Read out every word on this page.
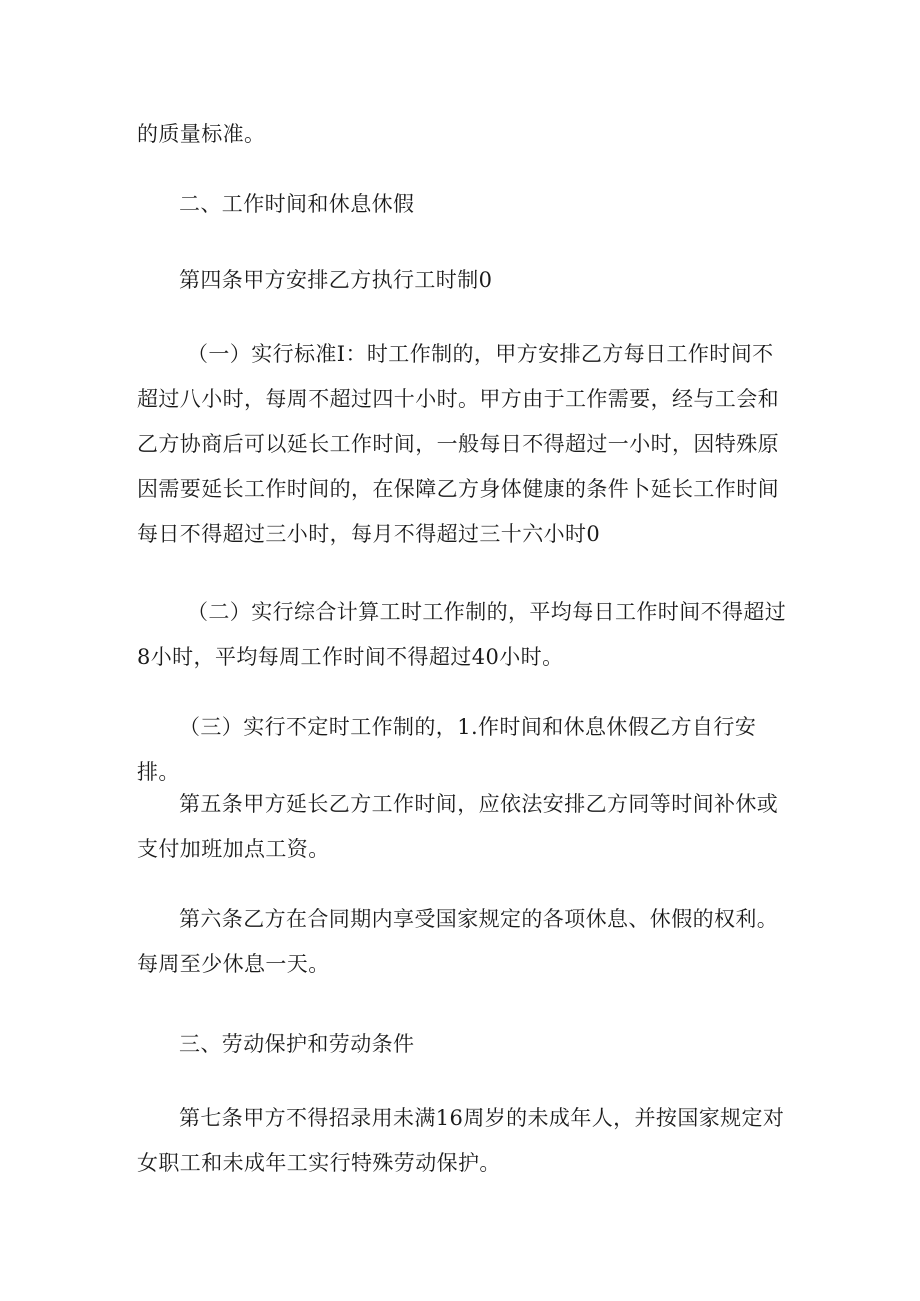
的质量标准。

二、工作时间和休息休假

第四条甲方安排乙方执行工时制0

（一）实行标准I：时工作制的，甲方安排乙方每日工作时间不超过八小时，每周不超过四十小时。甲方由于工作需要，经与工会和乙方协商后可以延长工作时间，一般每日不得超过一小时，因特殊原因需要延长工作时间的，在保障乙方身体健康的条件卜延长工作时间每日不得超过三小时，每月不得超过三十六小时0

（二）实行综合计算工时工作制的，平均每日工作时间不得超过8小时，平均每周工作时间不得超过40小时。

（三）实行不定时工作制的，1.作时间和休息休假乙方自行安排。

第五条甲方延长乙方工作时间，应依法安排乙方同等时间补休或支付加班加点工资。

第六条乙方在合同期内享受国家规定的各项休息、休假的权利。每周至少休息一天。

三、劳动保护和劳动条件

第七条甲方不得招录用未满16周岁的未成年人，并按国家规定对女职工和未成年工实行特殊劳动保护。
